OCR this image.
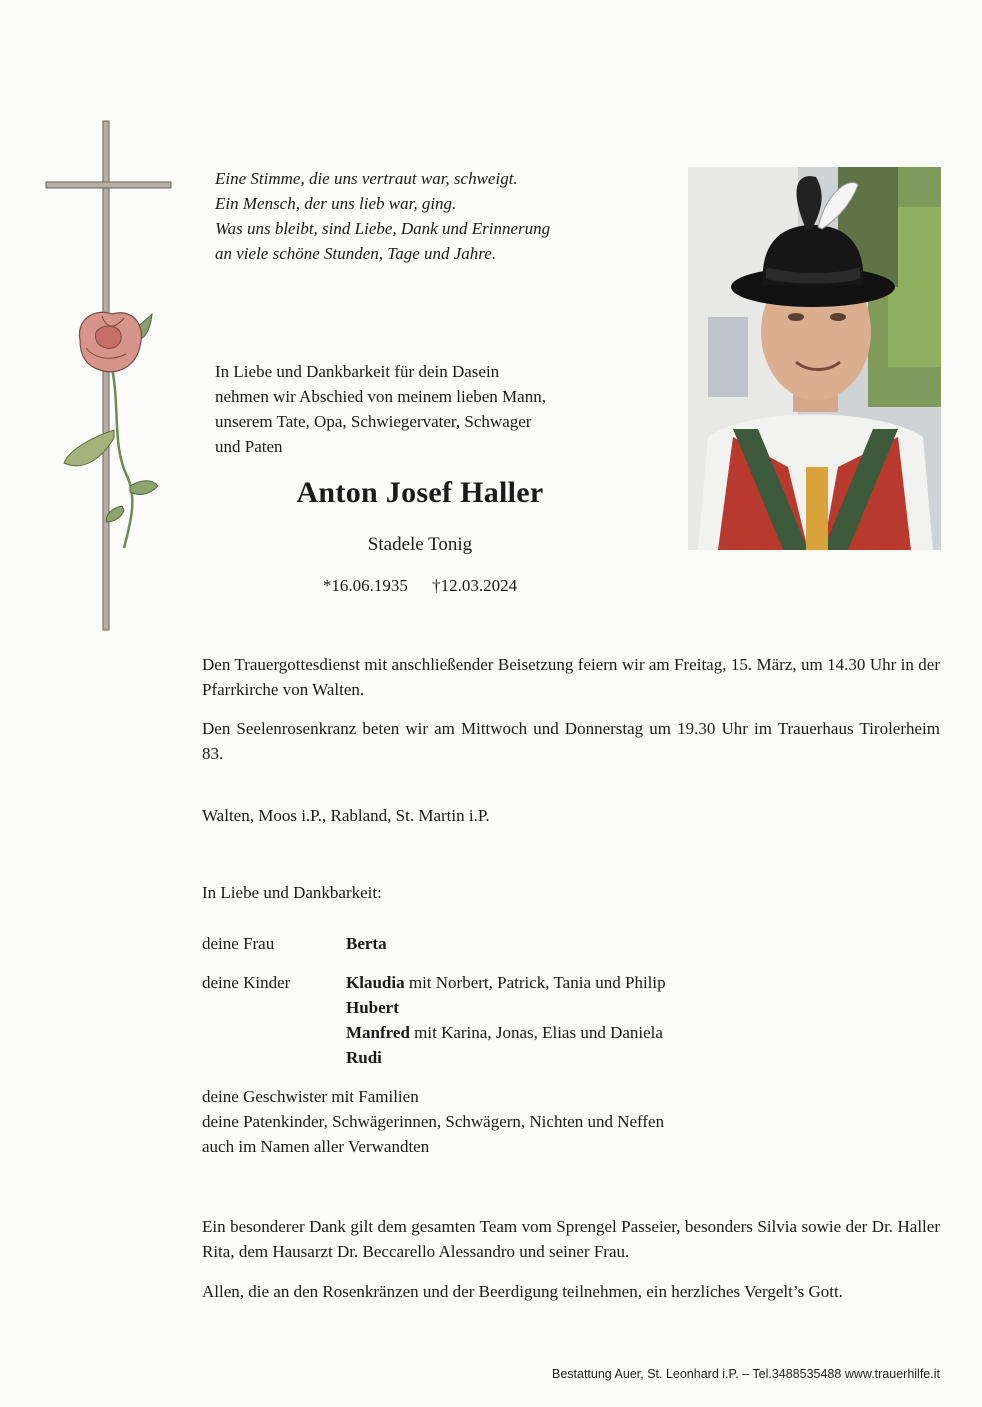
Eine Stimme, die uns vertraut war, schweigt.
Ein Mensch, der uns lieb war, ging.
Was uns bleibt, sind Liebe, Dank und Erinnerung
an viele schöne Stunden, Tage und Jahre.
In Liebe und Dankbarkeit für dein Dasein
nehmen wir Abschied von meinem lieben Mann,
unserem Tate, Opa, Schwiegervater, Schwager
und Paten
Anton Josef Haller
Stadele Tonig
*16.06.1935 †12.03.2024
Den Trauergottesdienst mit anschließender Beisetzung feiern wir am Freitag, 15. März, um 14.30 Uhr in der Pfarrkirche von Walten.
Den Seelenrosenkranz beten wir am Mittwoch und Donnerstag um 19.30 Uhr im Trauerhaus Tirolerheim 83.
Walten, Moos i.P., Rabland, St. Martin i.P.
In Liebe und Dankbarkeit:
deine Frau	Berta
deine Kinder	Klaudia mit Norbert, Patrick, Tania und Philip
Hubert
Manfred mit Karina, Jonas, Elias und Daniela
Rudi
deine Geschwister mit Familien
deine Patenkinder, Schwägerinnen, Schwägern, Nichten und Neffen
auch im Namen aller Verwandten
Ein besonderer Dank gilt dem gesamten Team vom Sprengel Passeier, besonders Silvia sowie der Dr. Haller Rita, dem Hausarzt Dr. Beccarello Alessandro und seiner Frau.
Allen, die an den Rosenkränzen und der Beerdigung teilnehmen, ein herzliches Vergelt’s Gott.
Bestattung Auer, St. Leonhard i.P. – Tel.3488535488 www.trauerhilfe.it
